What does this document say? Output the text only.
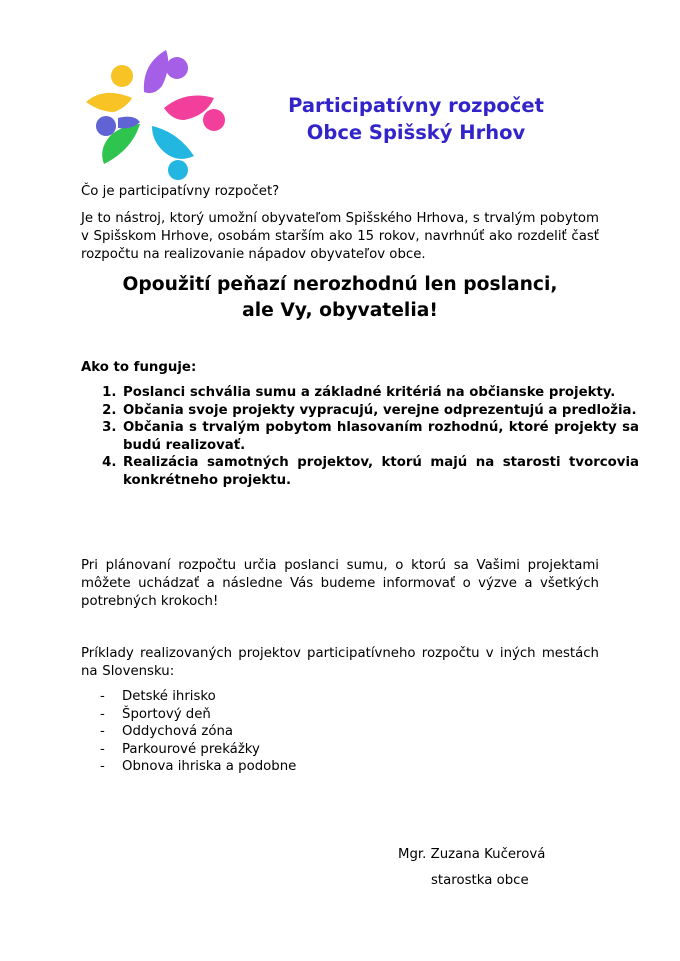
Participatívny rozpočet
Obce Spišský Hrhov
Čo je participatívny rozpočet?
Je to nástroj, ktorý umožní obyvateľom Spišského Hrhova, s trvalým pobytom v Spišskom Hrhove, osobám starším ako 15 rokov, navrhnúť ako rozdeliť časť rozpočtu na realizovanie nápadov obyvateľov obce.
Opoužití peňazí nerozhodnú len poslanci,
ale Vy, obyvatelia!
Ako to funguje:
1. Poslanci schvália sumu a základné kritériá na občianske projekty.
2. Občania svoje projekty vypracujú, verejne odprezentujú a predložia.
3. Občania s trvalým pobytom hlasovaním rozhodnú, ktoré projekty sa budú realizovať.
4. Realizácia samotných projektov, ktorú majú na starosti tvorcovia konkrétneho projektu.
Pri plánovaní rozpočtu určia poslanci sumu, o ktorú sa Vašimi projektami môžete uchádzať a následne Vás budeme informovať o výzve a všetkých potrebných krokoch!
Príklady realizovaných projektov participatívneho rozpočtu v iných mestách na Slovensku:
- Detské ihrisko
- Športový deň
- Oddychová zóna
- Parkourové prekážky
- Obnova ihriska a podobne
Mgr. Zuzana Kučerová
starostka obce
